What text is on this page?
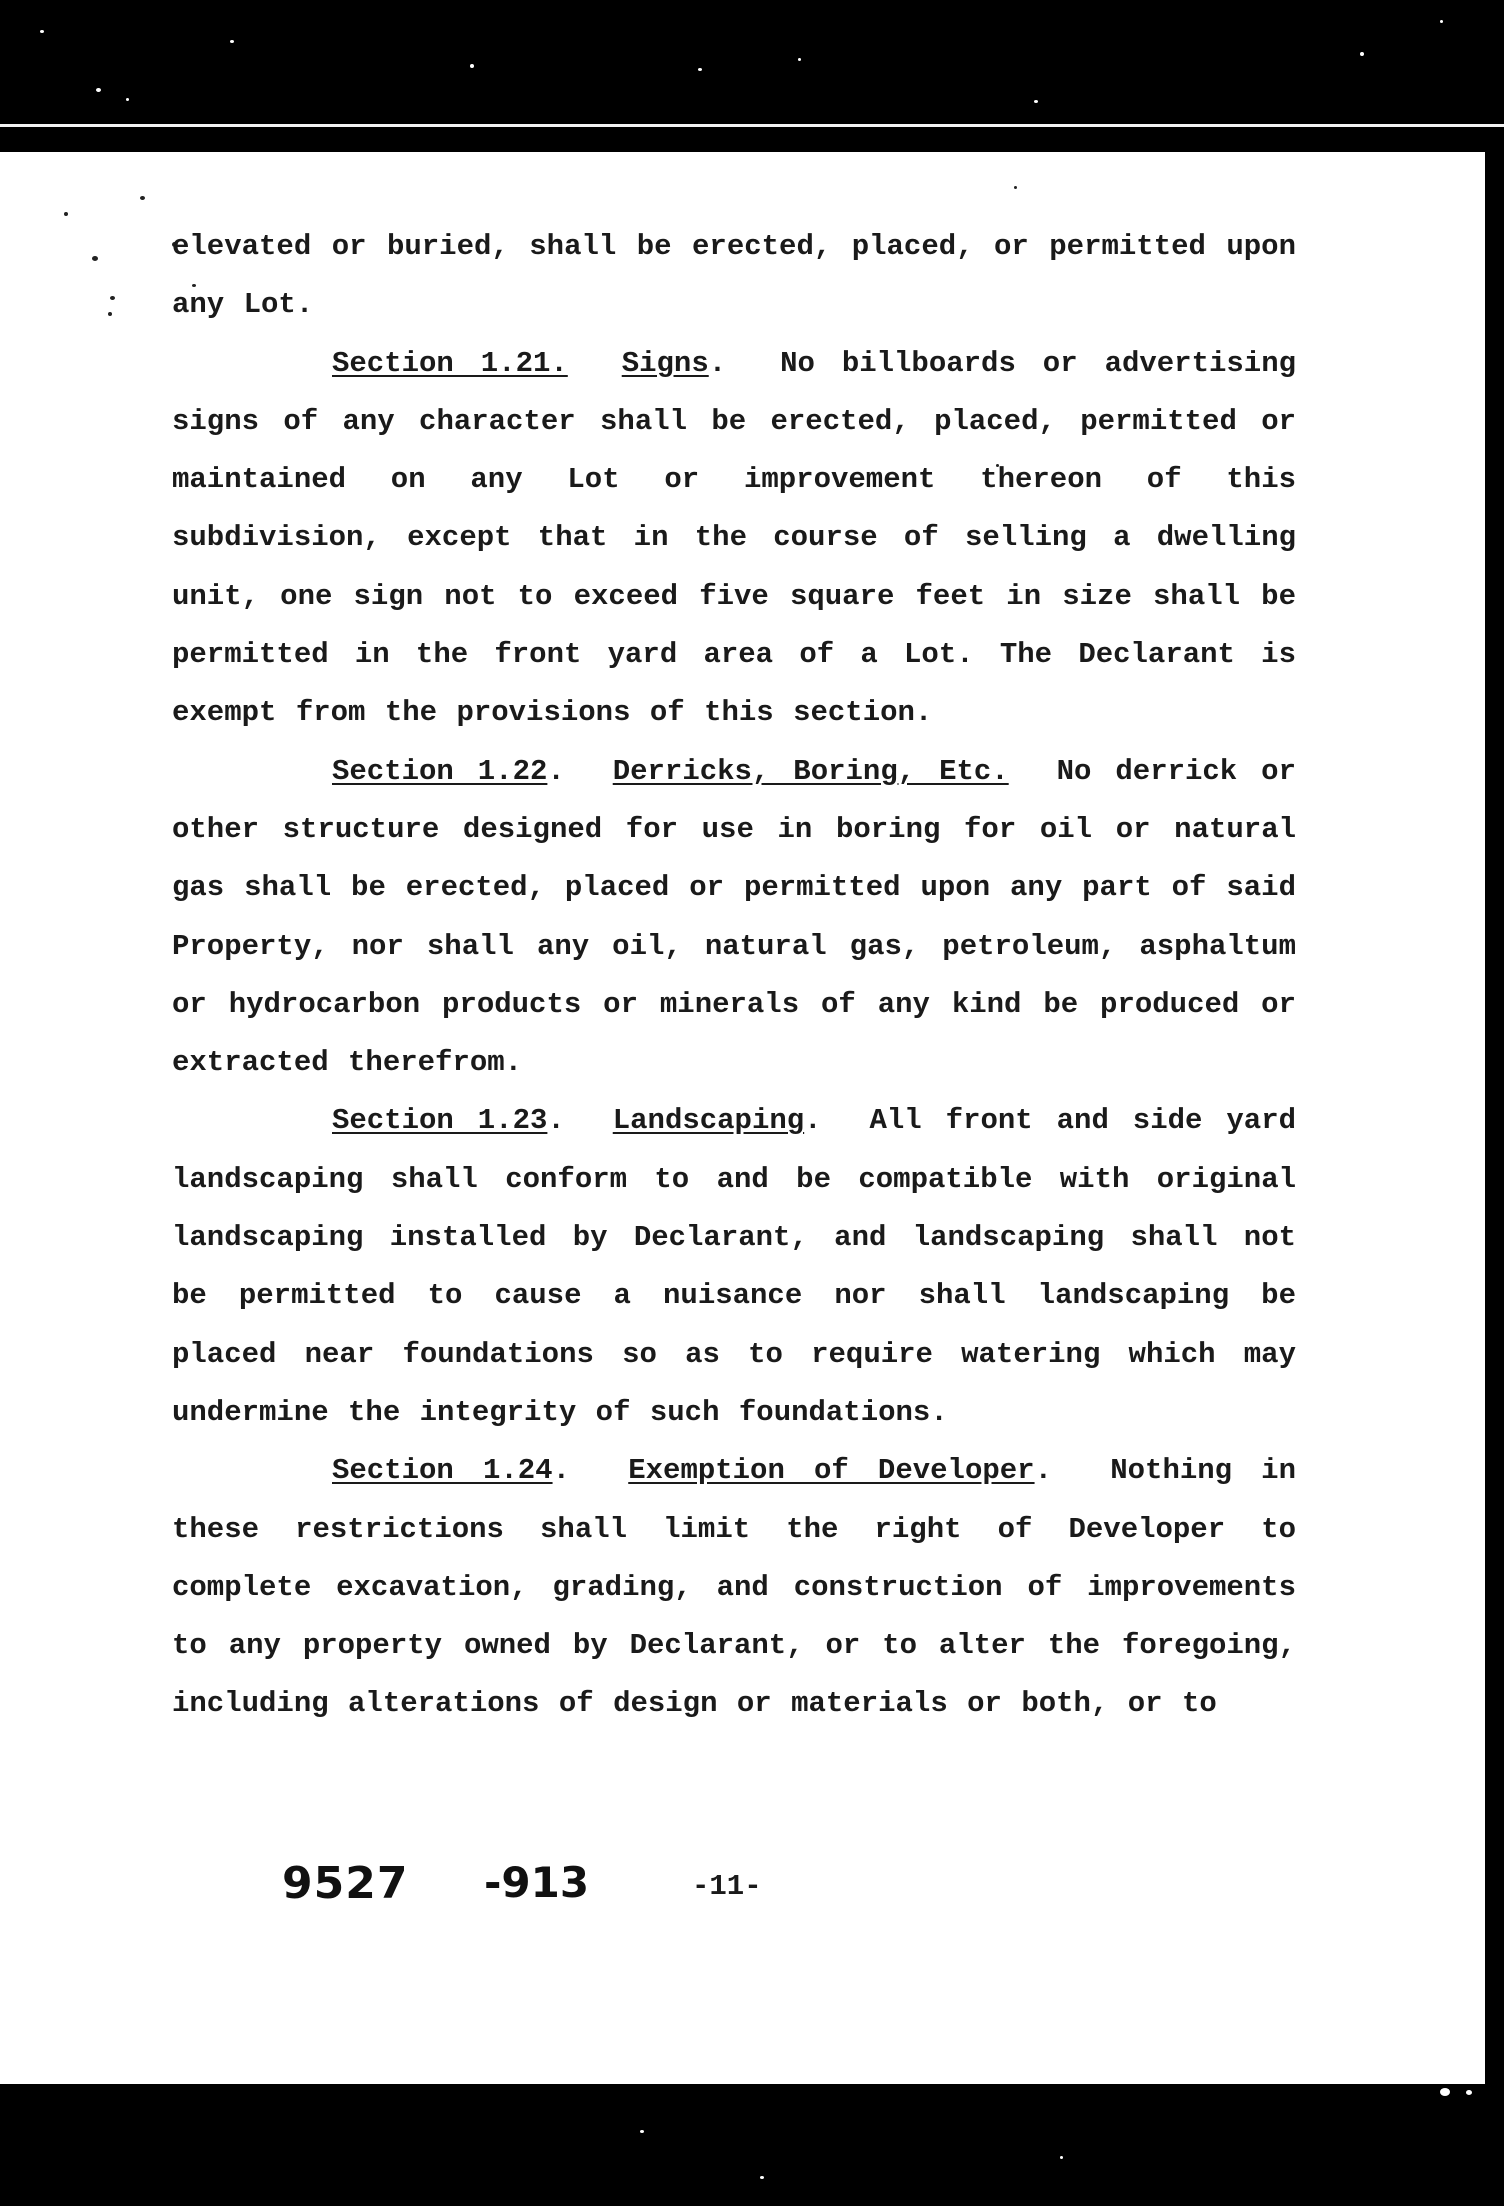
elevated or buried, shall be erected, placed, or permitted upon any Lot.

Section 1.21. Signs.  No billboards or advertising signs of any character shall be erected, placed, permitted or maintained on any Lot or improvement thereon of this subdivision, except that in the course of selling a dwelling unit, one sign not to exceed five square feet in size shall be permitted in the front yard area of a Lot. The Declarant is exempt from the provisions of this section.

Section 1.22.  Derricks, Boring, Etc. No derrick or other structure designed for use in boring for oil or natural gas shall be erected, placed or permitted upon any part of said Property, nor shall any oil, natural gas, petroleum, asphaltum or hydrocarbon products or minerals of any kind be produced or extracted therefrom.

Section 1.23.  Landscaping.  All front and side yard landscaping shall conform to and be compatible with original landscaping installed by Declarant, and landscaping shall not be permitted to cause a nuisance nor shall landscaping be placed near foundations so as to require watering which may undermine the integrity of such foundations.

Section 1.24.  Exemption of Developer.  Nothing in these restrictions shall limit the right of Developer to complete excavation, grading, and construction of improvements to any property owned by Declarant, or to alter the foregoing, including alterations of design or materials or both, or to

9527 -913	-11-
